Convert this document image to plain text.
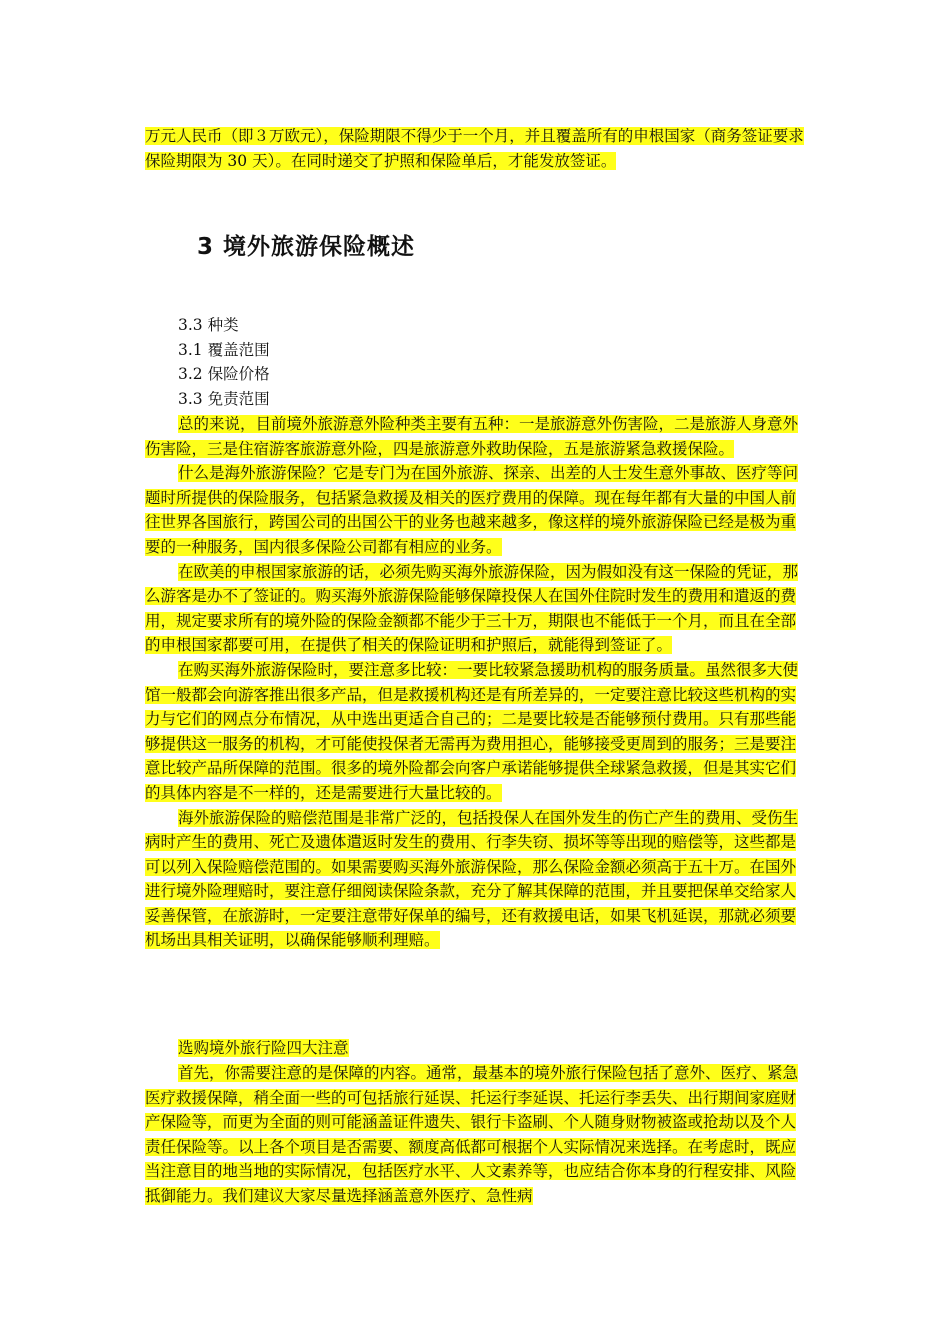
万元人民币（即３万欧元），保险期限不得少于一个月，并且覆盖所有的申根国家（商务签证要求保险期限为 30 天）。在同时递交了护照和保险单后，才能发放签证。

3 境外旅游保险概述
3.3 种类
3.1 覆盖范围
3.2 保险价格
3.3 免责范围

总的来说，目前境外旅游意外险种类主要有五种：一是旅游意外伤害险，二是旅游人身意外伤害险，三是住宿游客旅游意外险，四是旅游意外救助保险，五是旅游紧急救援保险。

什么是海外旅游保险？它是专门为在国外旅游、探亲、出差的人士发生意外事故、医疗等问题时所提供的保险服务，包括紧急救援及相关的医疗费用的保障。现在每年都有大量的中国人前往世界各国旅行，跨国公司的出国公干的业务也越来越多，像这样的境外旅游保险已经是极为重要的一种服务，国内很多保险公司都有相应的业务。

在欧美的申根国家旅游的话，必须先购买海外旅游保险，因为假如没有这一保险的凭证，那么游客是办不了签证的。购买海外旅游保险能够保障投保人在国外住院时发生的费用和遣返的费用，规定要求所有的境外险的保险金额都不能少于三十万，期限也不能低于一个月，而且在全部的申根国家都要可用，在提供了相关的保险证明和护照后，就能得到签证了。

在购买海外旅游保险时，要注意多比较：一要比较紧急援助机构的服务质量。虽然很多大使馆一般都会向游客推出很多产品，但是救援机构还是有所差异的，一定要注意比较这些机构的实力与它们的网点分布情况，从中选出更适合自己的；二是要比较是否能够预付费用。只有那些能够提供这一服务的机构，才可能使投保者无需再为费用担心，能够接受更周到的服务；三是要注意比较产品所保障的范围。很多的境外险都会向客户承诺能够提供全球紧急救援，但是其实它们的具体内容是不一样的，还是需要进行大量比较的。

海外旅游保险的赔偿范围是非常广泛的，包括投保人在国外发生的伤亡产生的费用、受伤生病时产生的费用、死亡及遗体遣返时发生的费用、行李失窃、损坏等等出现的赔偿等，这些都是可以列入保险赔偿范围的。如果需要购买海外旅游保险，那么保险金额必须高于五十万。在国外进行境外险理赔时，要注意仔细阅读保险条款，充分了解其保障的范围，并且要把保单交给家人妥善保管，在旅游时，一定要注意带好保单的编号，还有救援电话，如果飞机延误，那就必须要机场出具相关证明，以确保能够顺利理赔。

选购境外旅行险四大注意

首先，你需要注意的是保障的内容。通常，最基本的境外旅行保险包括了意外、医疗、紧急医疗救援保障，稍全面一些的可包括旅行延误、托运行李延误、托运行李丢失、出行期间家庭财产保险等，而更为全面的则可能涵盖证件遗失、银行卡盗刷、个人随身财物被盗或抢劫以及个人责任保险等。以上各个项目是否需要、额度高低都可根据个人实际情况来选择。在考虑时，既应当注意目的地当地的实际情况，包括医疗水平、人文素养等，也应结合你本身的行程安排、风险抵御能力。我们建议大家尽量选择涵盖意外医疗、急性病
